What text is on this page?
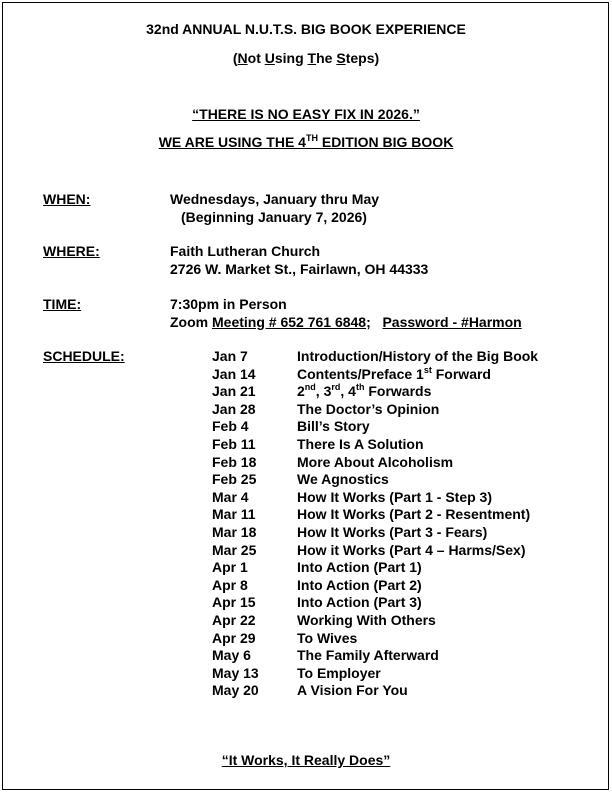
32nd ANNUAL N.U.T.S. BIG BOOK EXPERIENCE
(Not Using The Steps)
“THERE IS NO EASY FIX IN 2026.”
WE ARE USING THE 4TH EDITION BIG BOOK
WHEN:	Wednesdays, January thru May
(Beginning January 7, 2026)
WHERE:	Faith Lutheran Church
2726 W. Market St., Fairlawn, OH 44333
TIME:	7:30pm in Person
Zoom Meeting # 652 761 6848;   Password - #Harmon
SCHEDULE:	Jan 7	Introduction/History of the Big Book
Jan 14	Contents/Preface 1st Forward
Jan 21	2nd, 3rd, 4th Forwards
Jan 28	The Doctor’s Opinion
Feb 4	Bill’s Story
Feb 11	There Is A Solution
Feb 18	More About Alcoholism
Feb 25	We Agnostics
Mar 4	How It Works (Part 1 - Step 3)
Mar 11	How It Works (Part 2 - Resentment)
Mar 18	How It Works (Part 3 - Fears)
Mar 25	How it Works (Part 4 – Harms/Sex)
Apr 1	Into Action (Part 1)
Apr 8	Into Action (Part 2)
Apr 15	Into Action (Part 3)
Apr 22	Working With Others
Apr 29	To Wives
May 6	The Family Afterward
May 13	To Employer
May 20	A Vision For You
“It Works, It Really Does”
